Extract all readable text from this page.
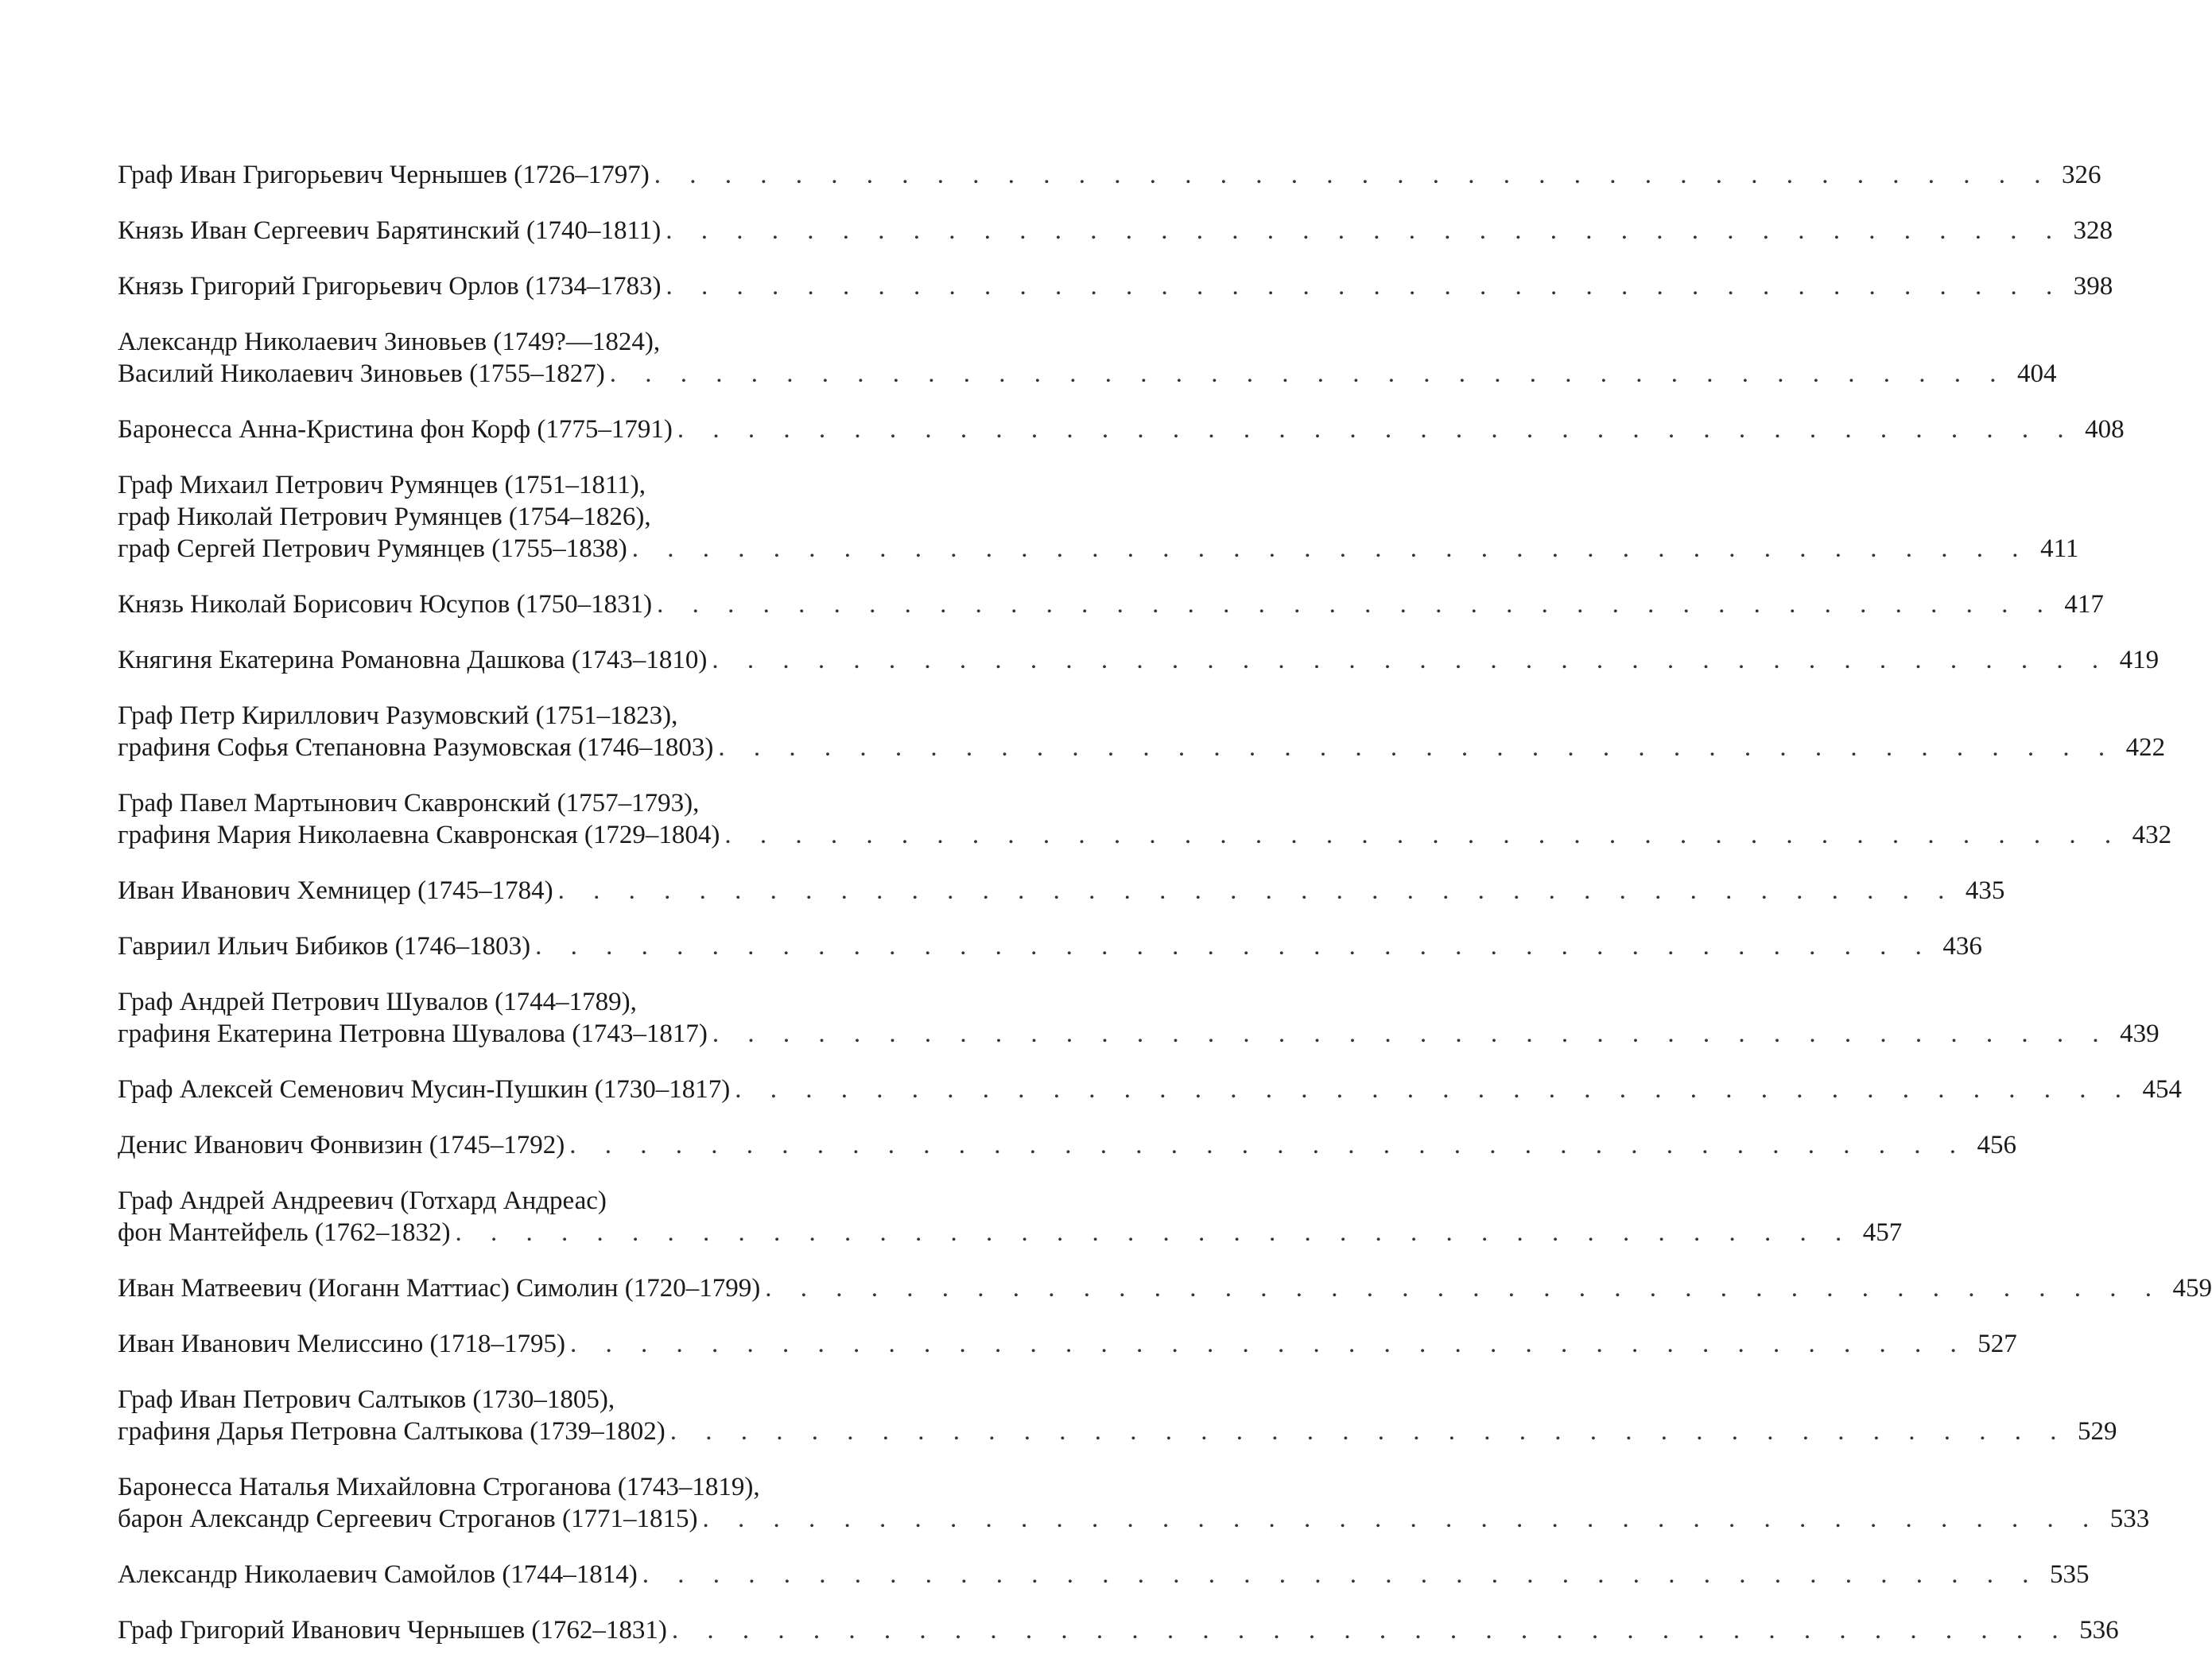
Граф Иван Григорьевич Чернышев (1726–1797) . . . . . . . . . . . . . . . . . . . . . . . . . . . . . . . . . . . . . . . . 326
Князь Иван Сергеевич Барятинский (1740–1811) . . . . . . . . . . . . . . . . . . . . . . . . . . . . . . . . . . . . . . . . 328
Князь Григорий Григорьевич Орлов (1734–1783) . . . . . . . . . . . . . . . . . . . . . . . . . . . . . . . . . . . . . . . . 398
Александр Николаевич Зиновьев (1749?—1824),
Василий Николаевич Зиновьев (1755–1827) . . . . . . . . . . . . . . . . . . . . . . . . . . . . . . . . . . . . . . . . 404
Баронесса Анна-Кристина фон Корф (1775–1791) . . . . . . . . . . . . . . . . . . . . . . . . . . . . . . . . . . . . . . . . 408
Граф Михаил Петрович Румянцев (1751–1811),
граф Николай Петрович Румянцев (1754–1826),
граф Сергей Петрович Румянцев (1755–1838) . . . . . . . . . . . . . . . . . . . . . . . . . . . . . . . . . . . . . . . . 411
Князь Николай Борисович Юсупов (1750–1831) . . . . . . . . . . . . . . . . . . . . . . . . . . . . . . . . . . . . . . . . 417
Княгиня Екатерина Романовна Дашкова (1743–1810) . . . . . . . . . . . . . . . . . . . . . . . . . . . . . . . . . . . . . . . . 419
Граф Петр Кириллович Разумовский (1751–1823),
графиня Софья Степановна Разумовская (1746–1803) . . . . . . . . . . . . . . . . . . . . . . . . . . . . . . . . . . . . . . . . 422
Граф Павел Мартынович Скавронский (1757–1793),
графиня Мария Николаевна Скавронская (1729–1804) . . . . . . . . . . . . . . . . . . . . . . . . . . . . . . . . . . . . . . . . 432
Иван Иванович Хемницер (1745–1784) . . . . . . . . . . . . . . . . . . . . . . . . . . . . . . . . . . . . . . . . 435
Гавриил Ильич Бибиков (1746–1803) . . . . . . . . . . . . . . . . . . . . . . . . . . . . . . . . . . . . . . . . 436
Граф Андрей Петрович Шувалов (1744–1789),
графиня Екатерина Петровна Шувалова (1743–1817) . . . . . . . . . . . . . . . . . . . . . . . . . . . . . . . . . . . . . . . . 439
Граф Алексей Семенович Мусин-Пушкин (1730–1817) . . . . . . . . . . . . . . . . . . . . . . . . . . . . . . . . . . . . . . . . 454
Денис Иванович Фонвизин (1745–1792) . . . . . . . . . . . . . . . . . . . . . . . . . . . . . . . . . . . . . . . . 456
Граф Андрей Андреевич (Готхард Андреас)
фон Мантейфель (1762–1832) . . . . . . . . . . . . . . . . . . . . . . . . . . . . . . . . . . . . . . . . 457
Иван Матвеевич (Иоганн Маттиас) Симолин (1720–1799) . . . . . . . . . . . . . . . . . . . . . . . . . . . . . . . . . . . . . . . . 459
Иван Иванович Мелиссино (1718–1795) . . . . . . . . . . . . . . . . . . . . . . . . . . . . . . . . . . . . . . . . 527
Граф Иван Петрович Салтыков (1730–1805),
графиня Дарья Петровна Салтыкова (1739–1802) . . . . . . . . . . . . . . . . . . . . . . . . . . . . . . . . . . . . . . . . 529
Баронесса Наталья Михайловна Строганова (1743–1819),
барон Александр Сергеевич Строганов (1771–1815) . . . . . . . . . . . . . . . . . . . . . . . . . . . . . . . . . . . . . . . . 533
Александр Николаевич Самойлов (1744–1814) . . . . . . . . . . . . . . . . . . . . . . . . . . . . . . . . . . . . . . . . 535
Граф Григорий Иванович Чернышев (1762–1831) . . . . . . . . . . . . . . . . . . . . . . . . . . . . . . . . . . . . . . . . 536
